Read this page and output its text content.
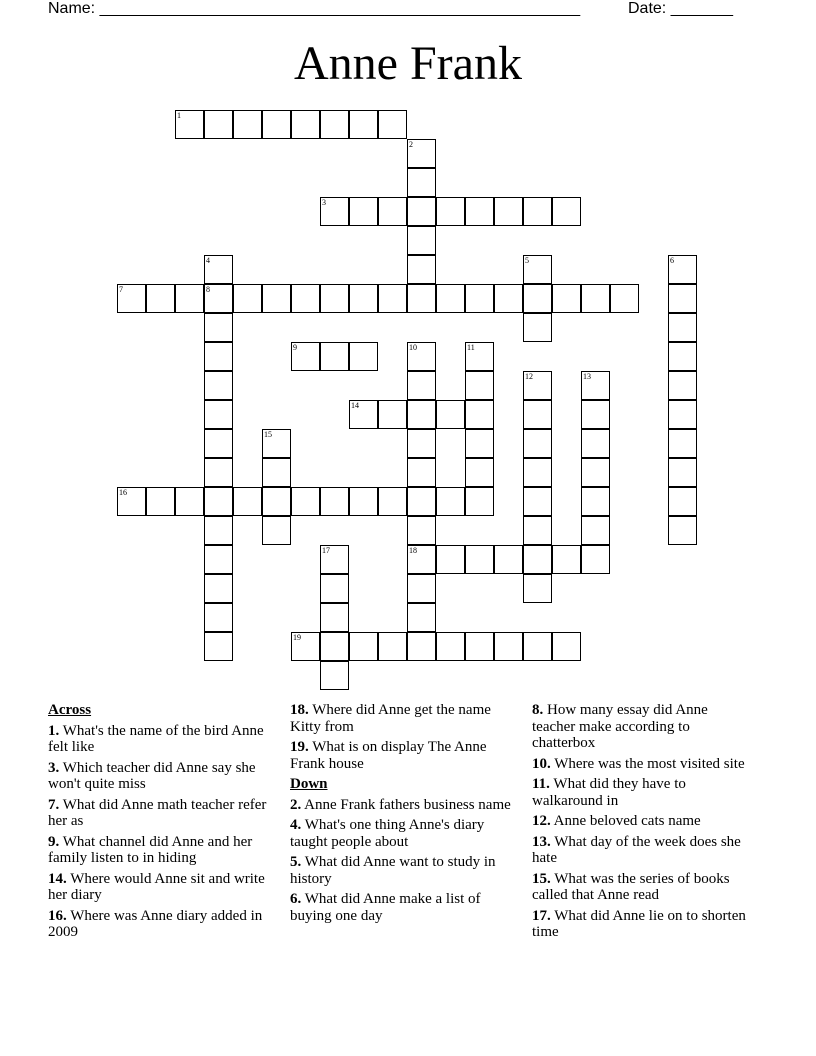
Name: ______________________________________________________	Date: _______
Anne Frank
1
2
3
4	5	6
7	8
9	10	11
12	13
14
15
16
17	18
19
Across
1. What's the name of the bird Anne felt like
3. Which teacher did Anne say she won't quite miss
7. What did Anne math teacher refer her as
9. What channel did Anne and her family listen to in hiding
14. Where would Anne sit and write her diary
16. Where was Anne diary added in 2009
18. Where did Anne get the name Kitty from
19. What is on display The Anne Frank house
Down
2. Anne Frank fathers business name
4. What's one thing Anne's diary taught people about
5. What did Anne want to study in history
6. What did Anne make a list of buying one day
8. How many essay did Anne teacher make according to chatterbox
10. Where was the most visited site
11. What did they have to walkaround in
12. Anne beloved cats name
13. What day of the week does she hate
15. What was the series of books called that Anne read
17. What did Anne lie on to shorten time
